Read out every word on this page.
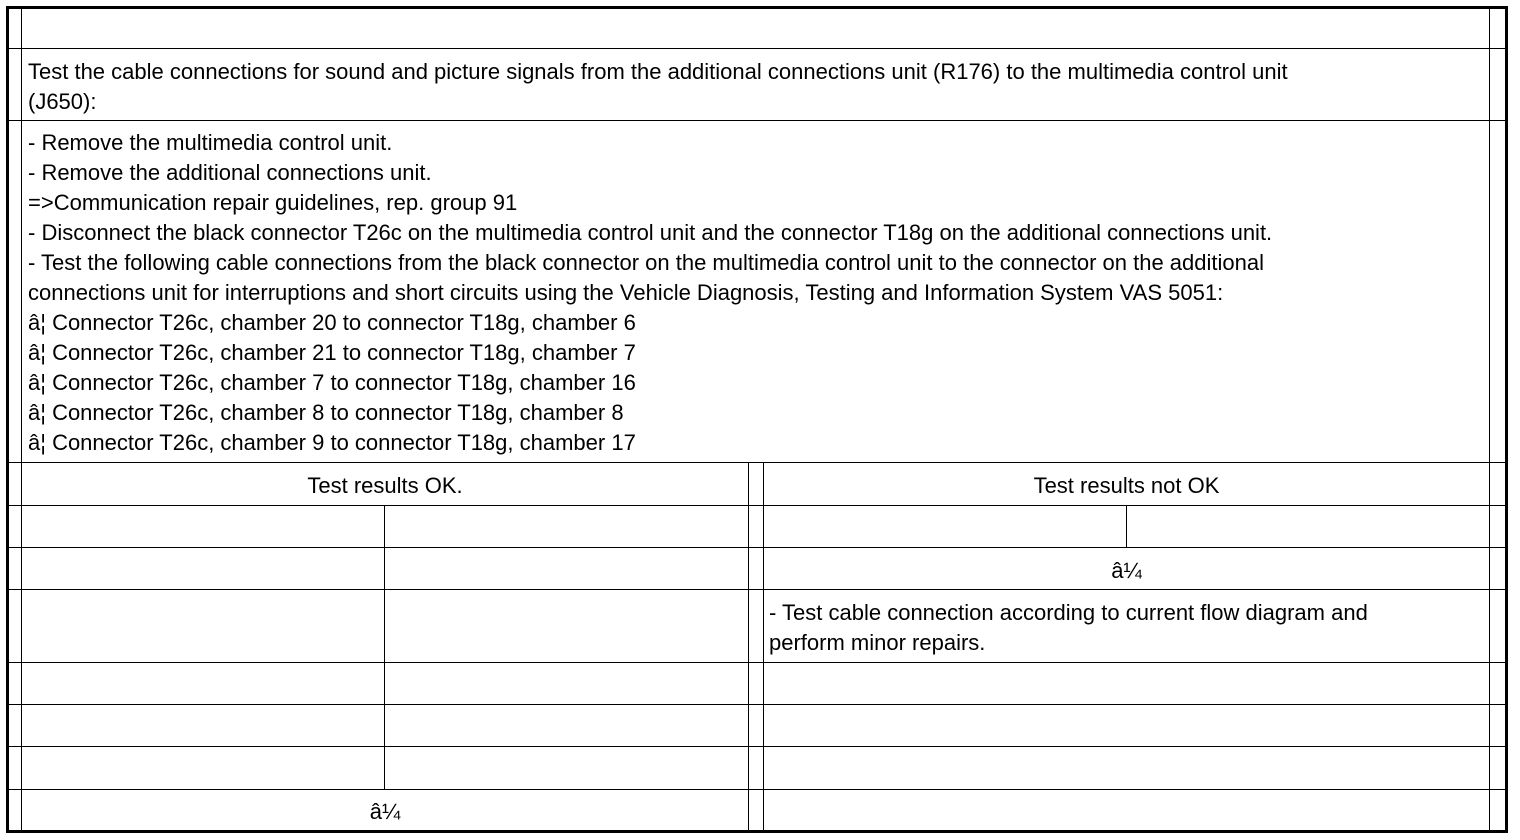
Test the cable connections for sound and picture signals from the additional connections unit (R176) to the multimedia control unit
(J650):
- Remove the multimedia control unit.
- Remove the additional connections unit.
=>Communication repair guidelines, rep. group 91
- Disconnect the black connector T26c on the multimedia control unit and the connector T18g on the additional connections unit.
- Test the following cable connections from the black connector on the multimedia control unit to the connector on the additional
connections unit for interruptions and short circuits using the Vehicle Diagnosis, Testing and Information System VAS 5051:
â¦ Connector T26c, chamber 20 to connector T18g, chamber 6
â¦ Connector T26c, chamber 21 to connector T18g, chamber 7
â¦ Connector T26c, chamber 7 to connector T18g, chamber 16
â¦ Connector T26c, chamber 8 to connector T18g, chamber 8
â¦ Connector T26c, chamber 9 to connector T18g, chamber 17
Test results OK.	Test results not OK
â¼
- Test cable connection according to current flow diagram and
perform minor repairs.
â¼
